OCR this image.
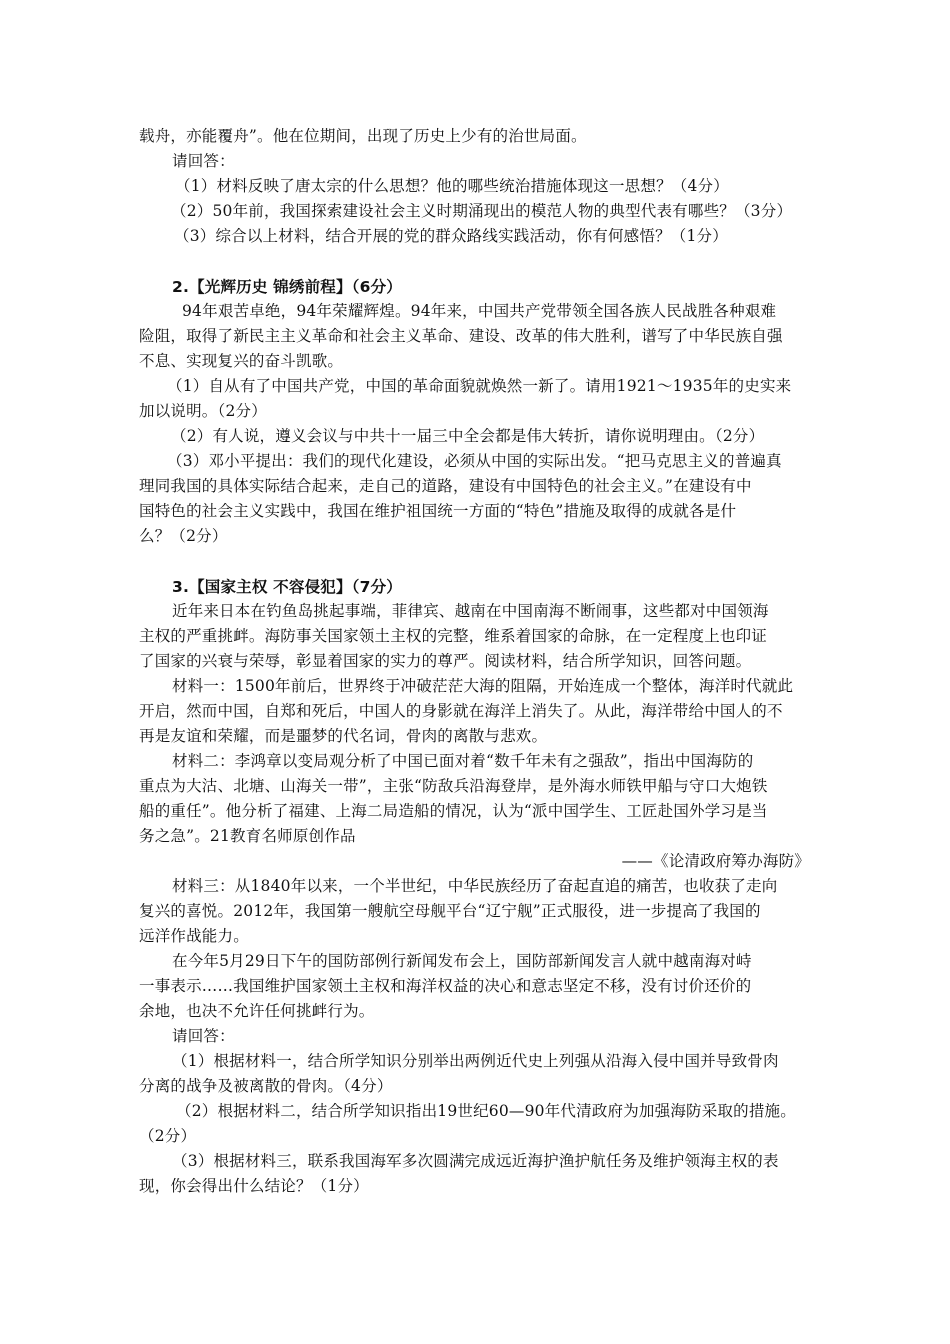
载舟，亦能覆舟”。他在位期间，出现了历史上少有的治世局面。
请回答：
（1）材料反映了唐太宗的什么思想？他的哪些统治措施体现这一思想？（4分）
（2）50年前，我国探索建设社会主义时期涌现出的模范人物的典型代表有哪些？（3分）
（3）综合以上材料，结合开展的党的群众路线实践活动，你有何感悟？（1分）
2.【光辉历史 锦绣前程】（6分）
94年艰苦卓绝，94年荣耀辉煌。94年来，中国共产党带领全国各族人民战胜各种艰难
险阻，取得了新民主主义革命和社会主义革命、建设、改革的伟大胜利，谱写了中华民族自强
不息、实现复兴的奋斗凯歌。
（1）自从有了中国共产党，中国的革命面貌就焕然一新了。请用1921～1935年的史实来
加以说明。（2分）
（2）有人说，遵义会议与中共十一届三中全会都是伟大转折，请你说明理由。（2分）
（3）邓小平提出：我们的现代化建设，必须从中国的实际出发。“把马克思主义的普遍真
理同我国的具体实际结合起来，走自己的道路，建设有中国特色的社会主义。”在建设有中
国特色的社会主义实践中，我国在维护祖国统一方面的“特色”措施及取得的成就各是什
么？（2分）
3.【国家主权 不容侵犯】（7分）
近年来日本在钓鱼岛挑起事端，菲律宾、越南在中国南海不断闹事，这些都对中国领海
主权的严重挑衅。海防事关国家领土主权的完整，维系着国家的命脉，在一定程度上也印证
了国家的兴衰与荣辱，彰显着国家的实力的尊严。阅读材料，结合所学知识，回答问题。
材料一：1500年前后，世界终于冲破茫茫大海的阻隔，开始连成一个整体，海洋时代就此
开启，然而中国，自郑和死后，中国人的身影就在海洋上消失了。从此，海洋带给中国人的不
再是友谊和荣耀，而是噩梦的代名词，骨肉的离散与悲欢。
材料二：李鸿章以变局观分析了中国已面对着“数千年未有之强敌”，指出中国海防的
重点为大沽、北塘、山海关一带”，主张“防敌兵沿海登岸，是外海水师铁甲船与守口大炮铁
船的重任”。他分析了福建、上海二局造船的情况，认为“派中国学生、工匠赴国外学习是当
务之急”。21教育名师原创作品
——《论清政府筹办海防》
材料三：从1840年以来，一个半世纪，中华民族经历了奋起直追的痛苦，也收获了走向
复兴的喜悦。2012年，我国第一艘航空母舰平台“辽宁舰”正式服役，进一步提高了我国的
远洋作战能力。
在今年5月29日下午的国防部例行新闻发布会上，国防部新闻发言人就中越南海对峙
一事表示……我国维护国家领土主权和海洋权益的决心和意志坚定不移，没有讨价还价的
余地，也决不允许任何挑衅行为。
请回答：
（1）根据材料一，结合所学知识分别举出两例近代史上列强从沿海入侵中国并导致骨肉
分离的战争及被离散的骨肉。（4分）
（2）根据材料二，结合所学知识指出19世纪60—90年代清政府为加强海防采取的措施。
（2分）
（3）根据材料三，联系我国海军多次圆满完成远近海护渔护航任务及维护领海主权的表
现，你会得出什么结论？（1分）
